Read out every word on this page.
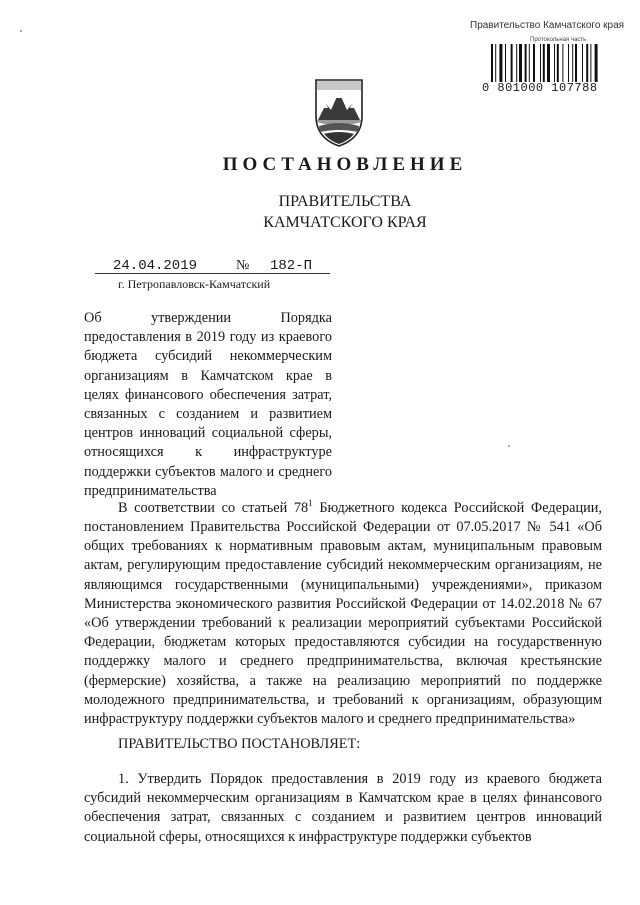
Правительство Камчатского края
Протокольная часть
0 801000 107788
ПОСТАНОВЛЕНИЕ
ПРАВИТЕЛЬСТВА
КАМЧАТСКОГО КРАЯ
24.04.2019	№ 182-П
г. Петропавловск-Камчатский
Об утверждении Порядка предоставления в 2019 году из краевого бюджета субсидий некоммерческим организациям в Камчатском крае в целях финансового обеспечения затрат, связанных с созданием и развитием центров инноваций социальной сферы, относящихся к инфраструктуре поддержки субъектов малого и среднего предпринимательства
В соответствии со статьей $78^1$ Бюджетного кодекса Российской Федерации, постановлением Правительства Российской Федерации от 07.05.2017 № 541 «Об общих требованиях к нормативным правовым актам, муниципальным правовым актам, регулирующим предоставление субсидий некоммерческим организациям, не являющимся государственными (муниципальными) учреждениями», приказом Министерства экономического развития Российской Федерации от 14.02.2018 № 67 «Об утверждении требований к реализации мероприятий субъектами Российской Федерации, бюджетам которых предоставляются субсидии на государственную поддержку малого и среднего предпринимательства, включая крестьянские (фермерские) хозяйства, а также на реализацию мероприятий по поддержке молодежного предпринимательства, и требований к организациям, образующим инфраструктуру поддержки субъектов малого и среднего предпринимательства»
ПРАВИТЕЛЬСТВО ПОСТАНОВЛЯЕТ:
1. Утвердить Порядок предоставления в 2019 году из краевого бюджета субсидий некоммерческим организациям в Камчатском крае в целях финансового обеспечения затрат, связанных с созданием и развитием центров инноваций социальной сферы, относящихся к инфраструктуре поддержки субъектов
